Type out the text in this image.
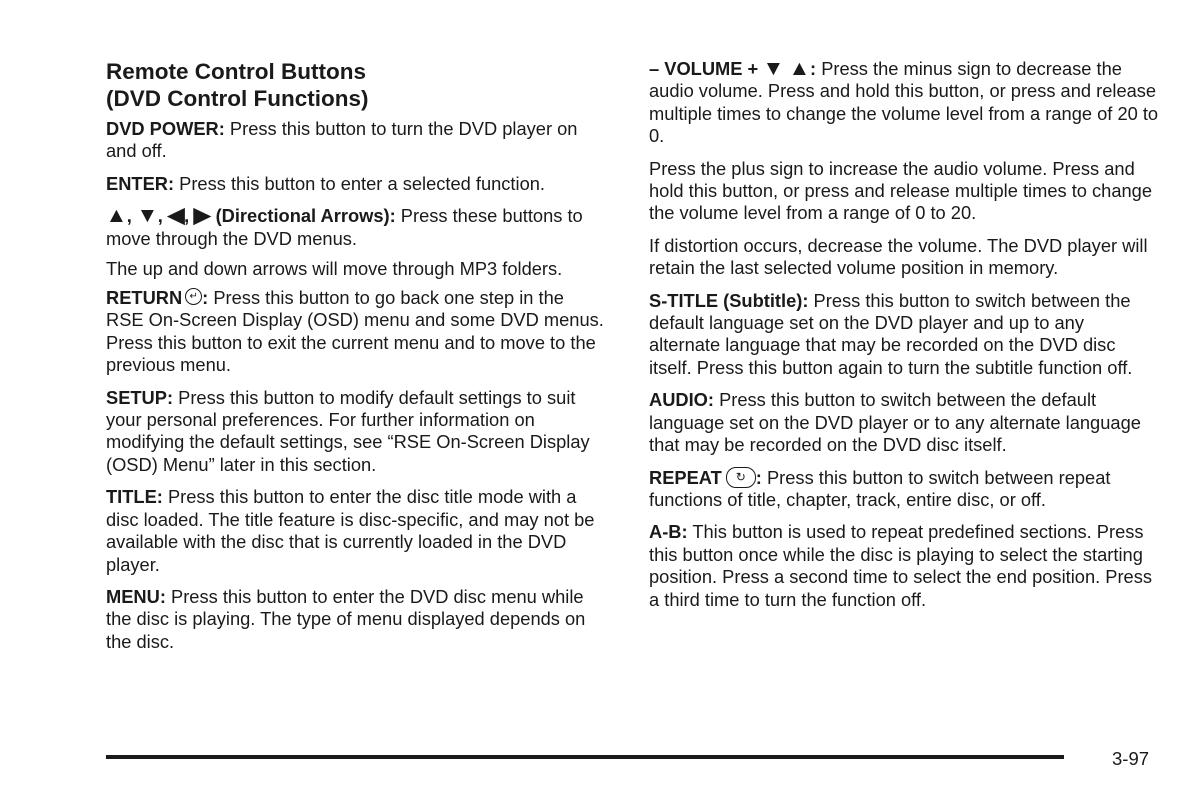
Remote Control Buttons
(DVD Control Functions)

DVD POWER: Press this button to turn the DVD player on and off.

ENTER: Press this button to enter a selected function.

▲, ▼, ◀, ▶ (Directional Arrows): Press these buttons to move through the DVD menus.

The up and down arrows will move through MP3 folders.

RETURN ↵ : Press this button to go back one step in the RSE On-Screen Display (OSD) menu and some DVD menus. Press this button to exit the current menu and to move to the previous menu.

SETUP: Press this button to modify default settings to suit your personal preferences. For further information on modifying the default settings, see “RSE On-Screen Display (OSD) Menu” later in this section.

TITLE: Press this button to enter the disc title mode with a disc loaded. The title feature is disc-specific, and may not be available with the disc that is currently loaded in the DVD player.

MENU: Press this button to enter the DVD disc menu while the disc is playing. The type of menu displayed depends on the disc.

– VOLUME + ▼ ▲: Press the minus sign to decrease the audio volume. Press and hold this button, or press and release multiple times to change the volume level from a range of 20 to 0.

Press the plus sign to increase the audio volume. Press and hold this button, or press and release multiple times to change the volume level from a range of 0 to 20.

If distortion occurs, decrease the volume. The DVD player will retain the last selected volume position in memory.

S-TITLE (Subtitle): Press this button to switch between the default language set on the DVD player and up to any alternate language that may be recorded on the DVD disc itself. Press this button again to turn the subtitle function off.

AUDIO: Press this button to switch between the default language set on the DVD player or to any alternate language that may be recorded on the DVD disc itself.

REPEAT ↻ : Press this button to switch between repeat functions of title, chapter, track, entire disc, or off.

A-B: This button is used to repeat predefined sections. Press this button once while the disc is playing to select the starting position. Press a second time to select the end position. Press a third time to turn the function off.

3-97
